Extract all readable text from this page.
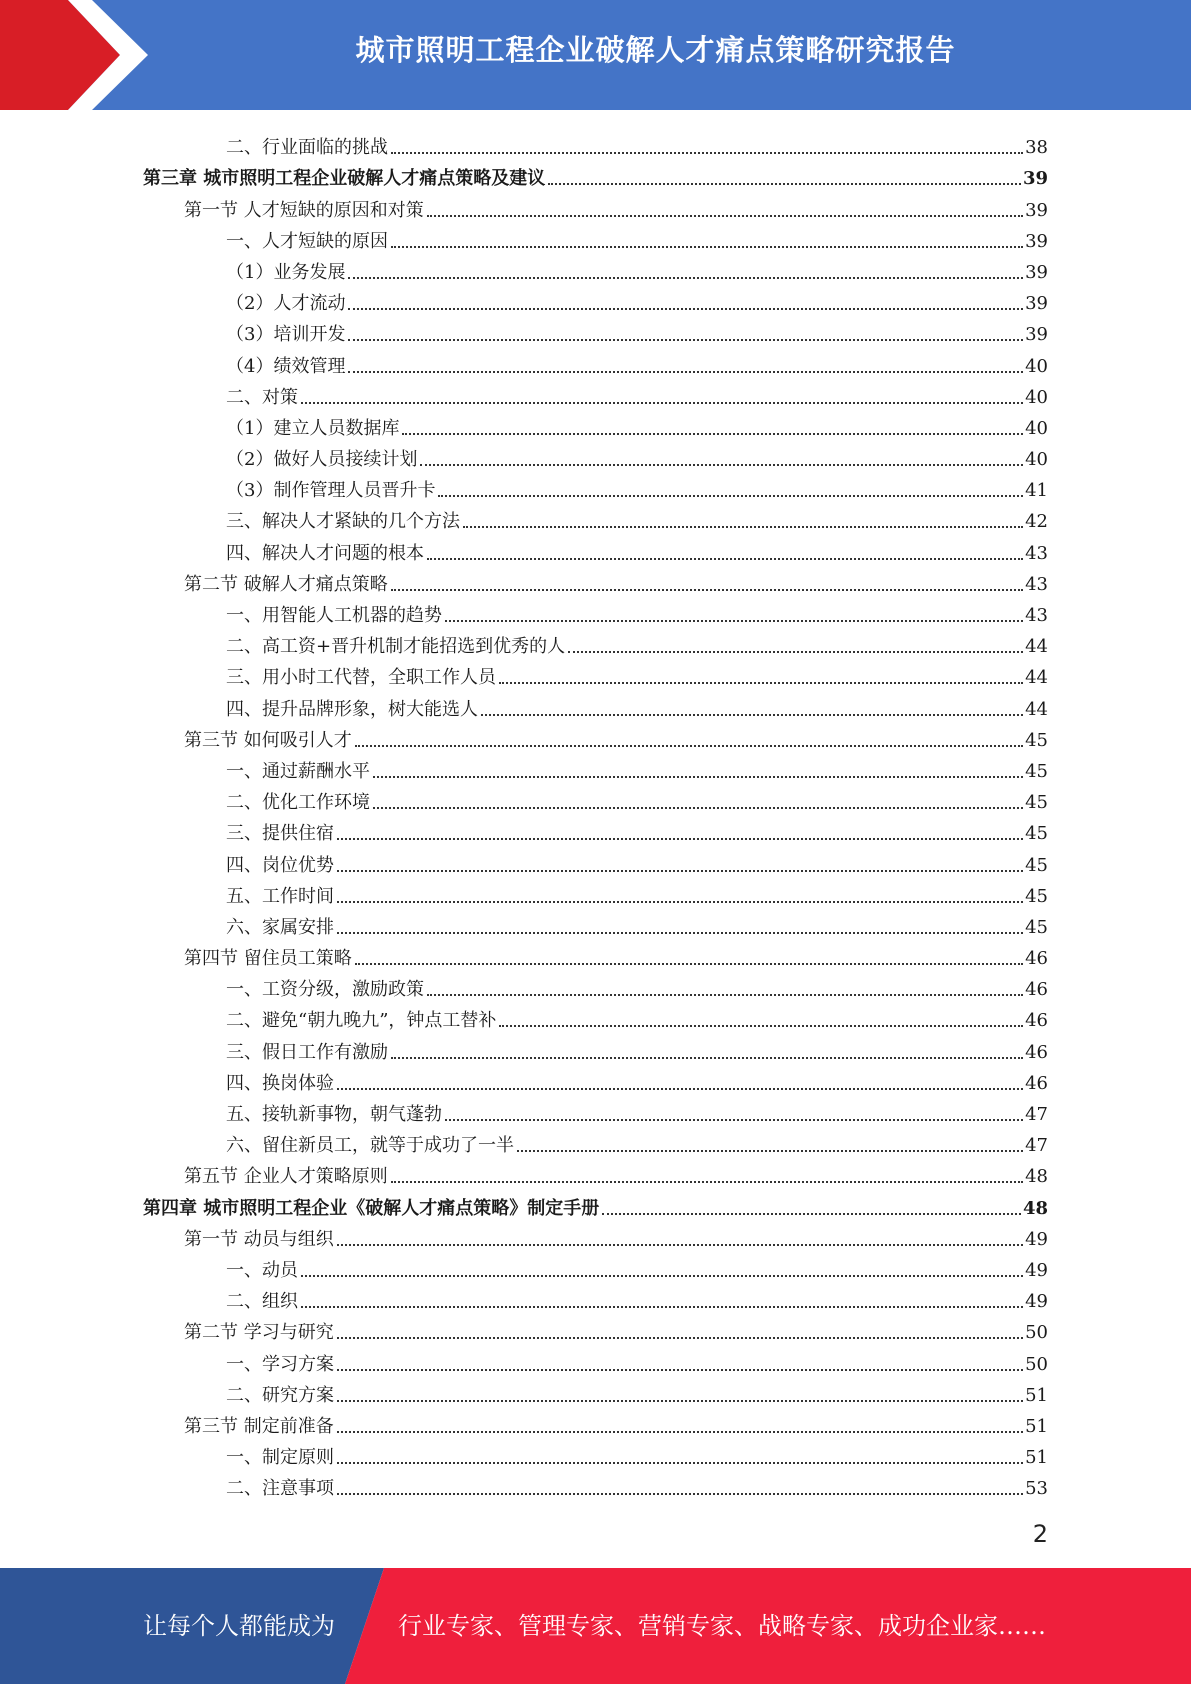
城市照明工程企业破解人才痛点策略研究报告
二、行业面临的挑战	38
第三章 城市照明工程企业破解人才痛点策略及建议	39
第一节 人才短缺的原因和对策	39
一、人才短缺的原因	39
（1）业务发展	39
（2）人才流动	39
（3）培训开发	39
（4）绩效管理	40
二、对策	40
（1）建立人员数据库	40
（2）做好人员接续计划	40
（3）制作管理人员晋升卡	41
三、解决人才紧缺的几个方法	42
四、解决人才问题的根本	43
第二节 破解人才痛点策略	43
一、用智能人工机器的趋势	43
二、高工资+晋升机制才能招选到优秀的人	44
三、用小时工代替，全职工作人员	44
四、提升品牌形象，树大能选人	44
第三节 如何吸引人才	45
一、通过薪酬水平	45
二、优化工作环境	45
三、提供住宿	45
四、岗位优势	45
五、工作时间	45
六、家属安排	45
第四节 留住员工策略	46
一、工资分级，激励政策	46
二、避免“朝九晚九”，钟点工替补	46
三、假日工作有激励	46
四、换岗体验	46
五、接轨新事物，朝气蓬勃	47
六、留住新员工，就等于成功了一半	47
第五节 企业人才策略原则	48
第四章 城市照明工程企业《破解人才痛点策略》制定手册	48
第一节 动员与组织	49
一、动员	49
二、组织	49
第二节 学习与研究	50
一、学习方案	50
二、研究方案	51
第三节 制定前准备	51
一、制定原则	51
二、注意事项	53
2
让每个人都能成为	行业专家、管理专家、营销专家、战略专家、成功企业家……
